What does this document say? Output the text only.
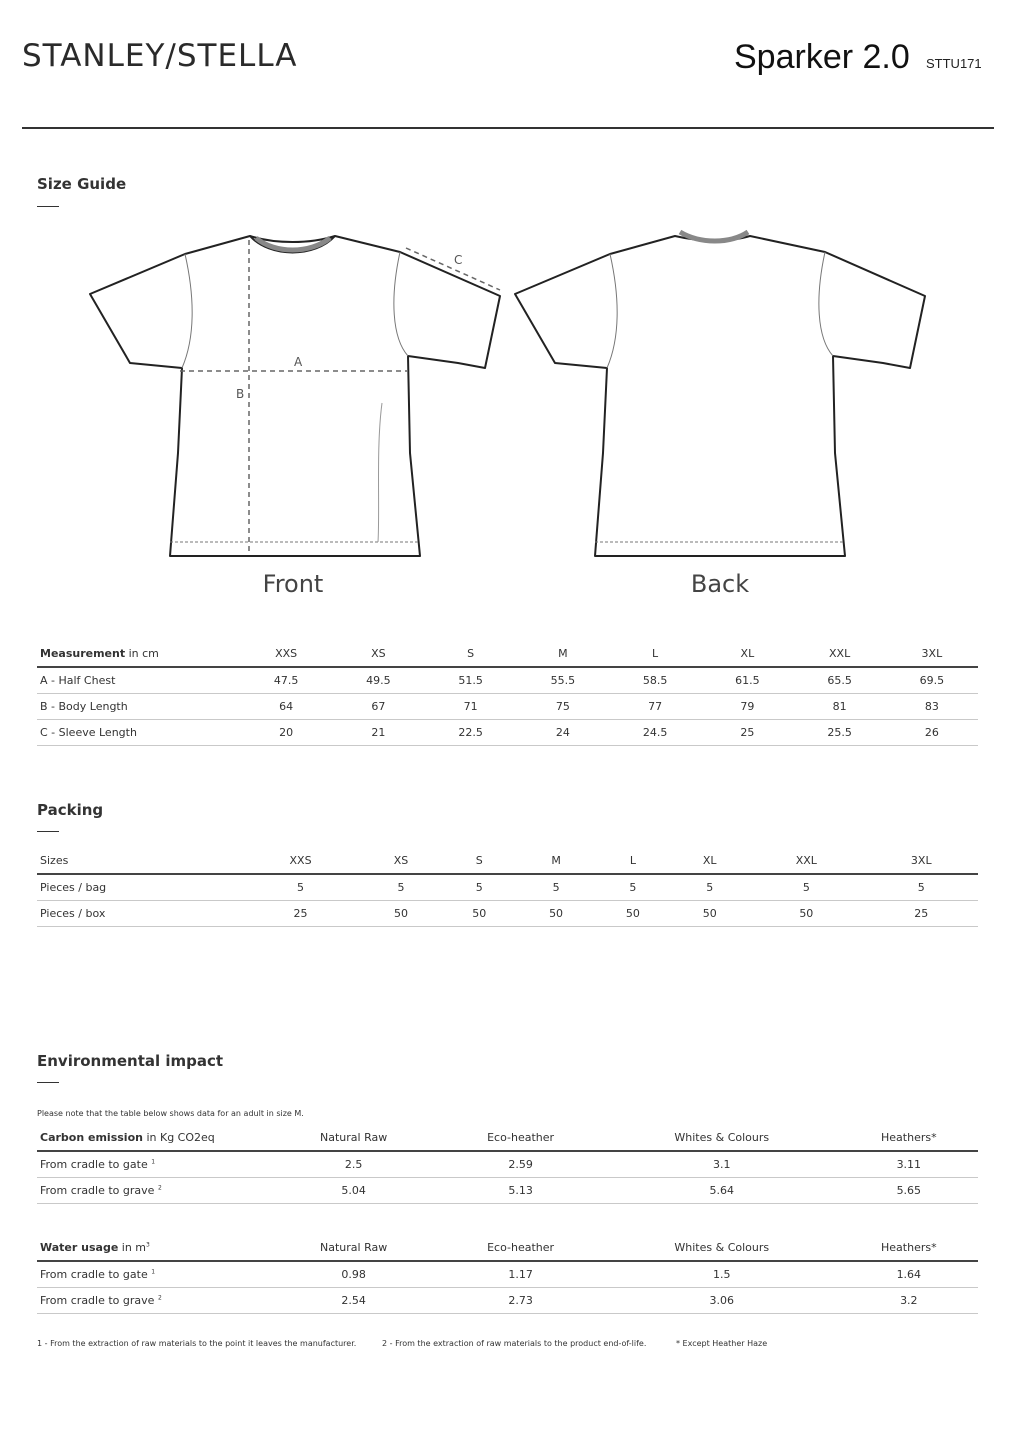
STANLEY/STELLA	Sparker 2.0 STTU171
Size Guide
A
B
C
Front	Back
Measurement in cm	XXS	XS	S	M	L	XL	XXL	3XL
A - Half Chest	47.5	49.5	51.5	55.5	58.5	61.5	65.5	69.5
B - Body Length	64	67	71	75	77	79	81	83
C - Sleeve Length	20	21	22.5	24	24.5	25	25.5	26
Packing
Sizes	XXS	XS	S	M	L	XL	XXL	3XL
Pieces / bag	5	5	5	5	5	5	5	5
Pieces / box	25	50	50	50	50	50	50	25
Environmental impact
Please note that the table below shows data for an adult in size M.
Carbon emission in Kg CO2eq	Natural Raw	Eco-heather	Whites & Colours	Heathers*
From cradle to gate $^1$	2.5	2.59	3.1	3.11
From cradle to grave $^2$	5.04	5.13	5.64	5.65
Water usage in $m^3$	Natural Raw	Eco-heather	Whites & Colours	Heathers*
From cradle to gate $^1$	0.98	1.17	1.5	1.64
From cradle to grave $^2$	2.54	2.73	3.06	3.2
1 - From the extraction of raw materials to the point it leaves the manufacturer.	2 - From the extraction of raw materials to the product end-of-life.	* Except Heather Haze
